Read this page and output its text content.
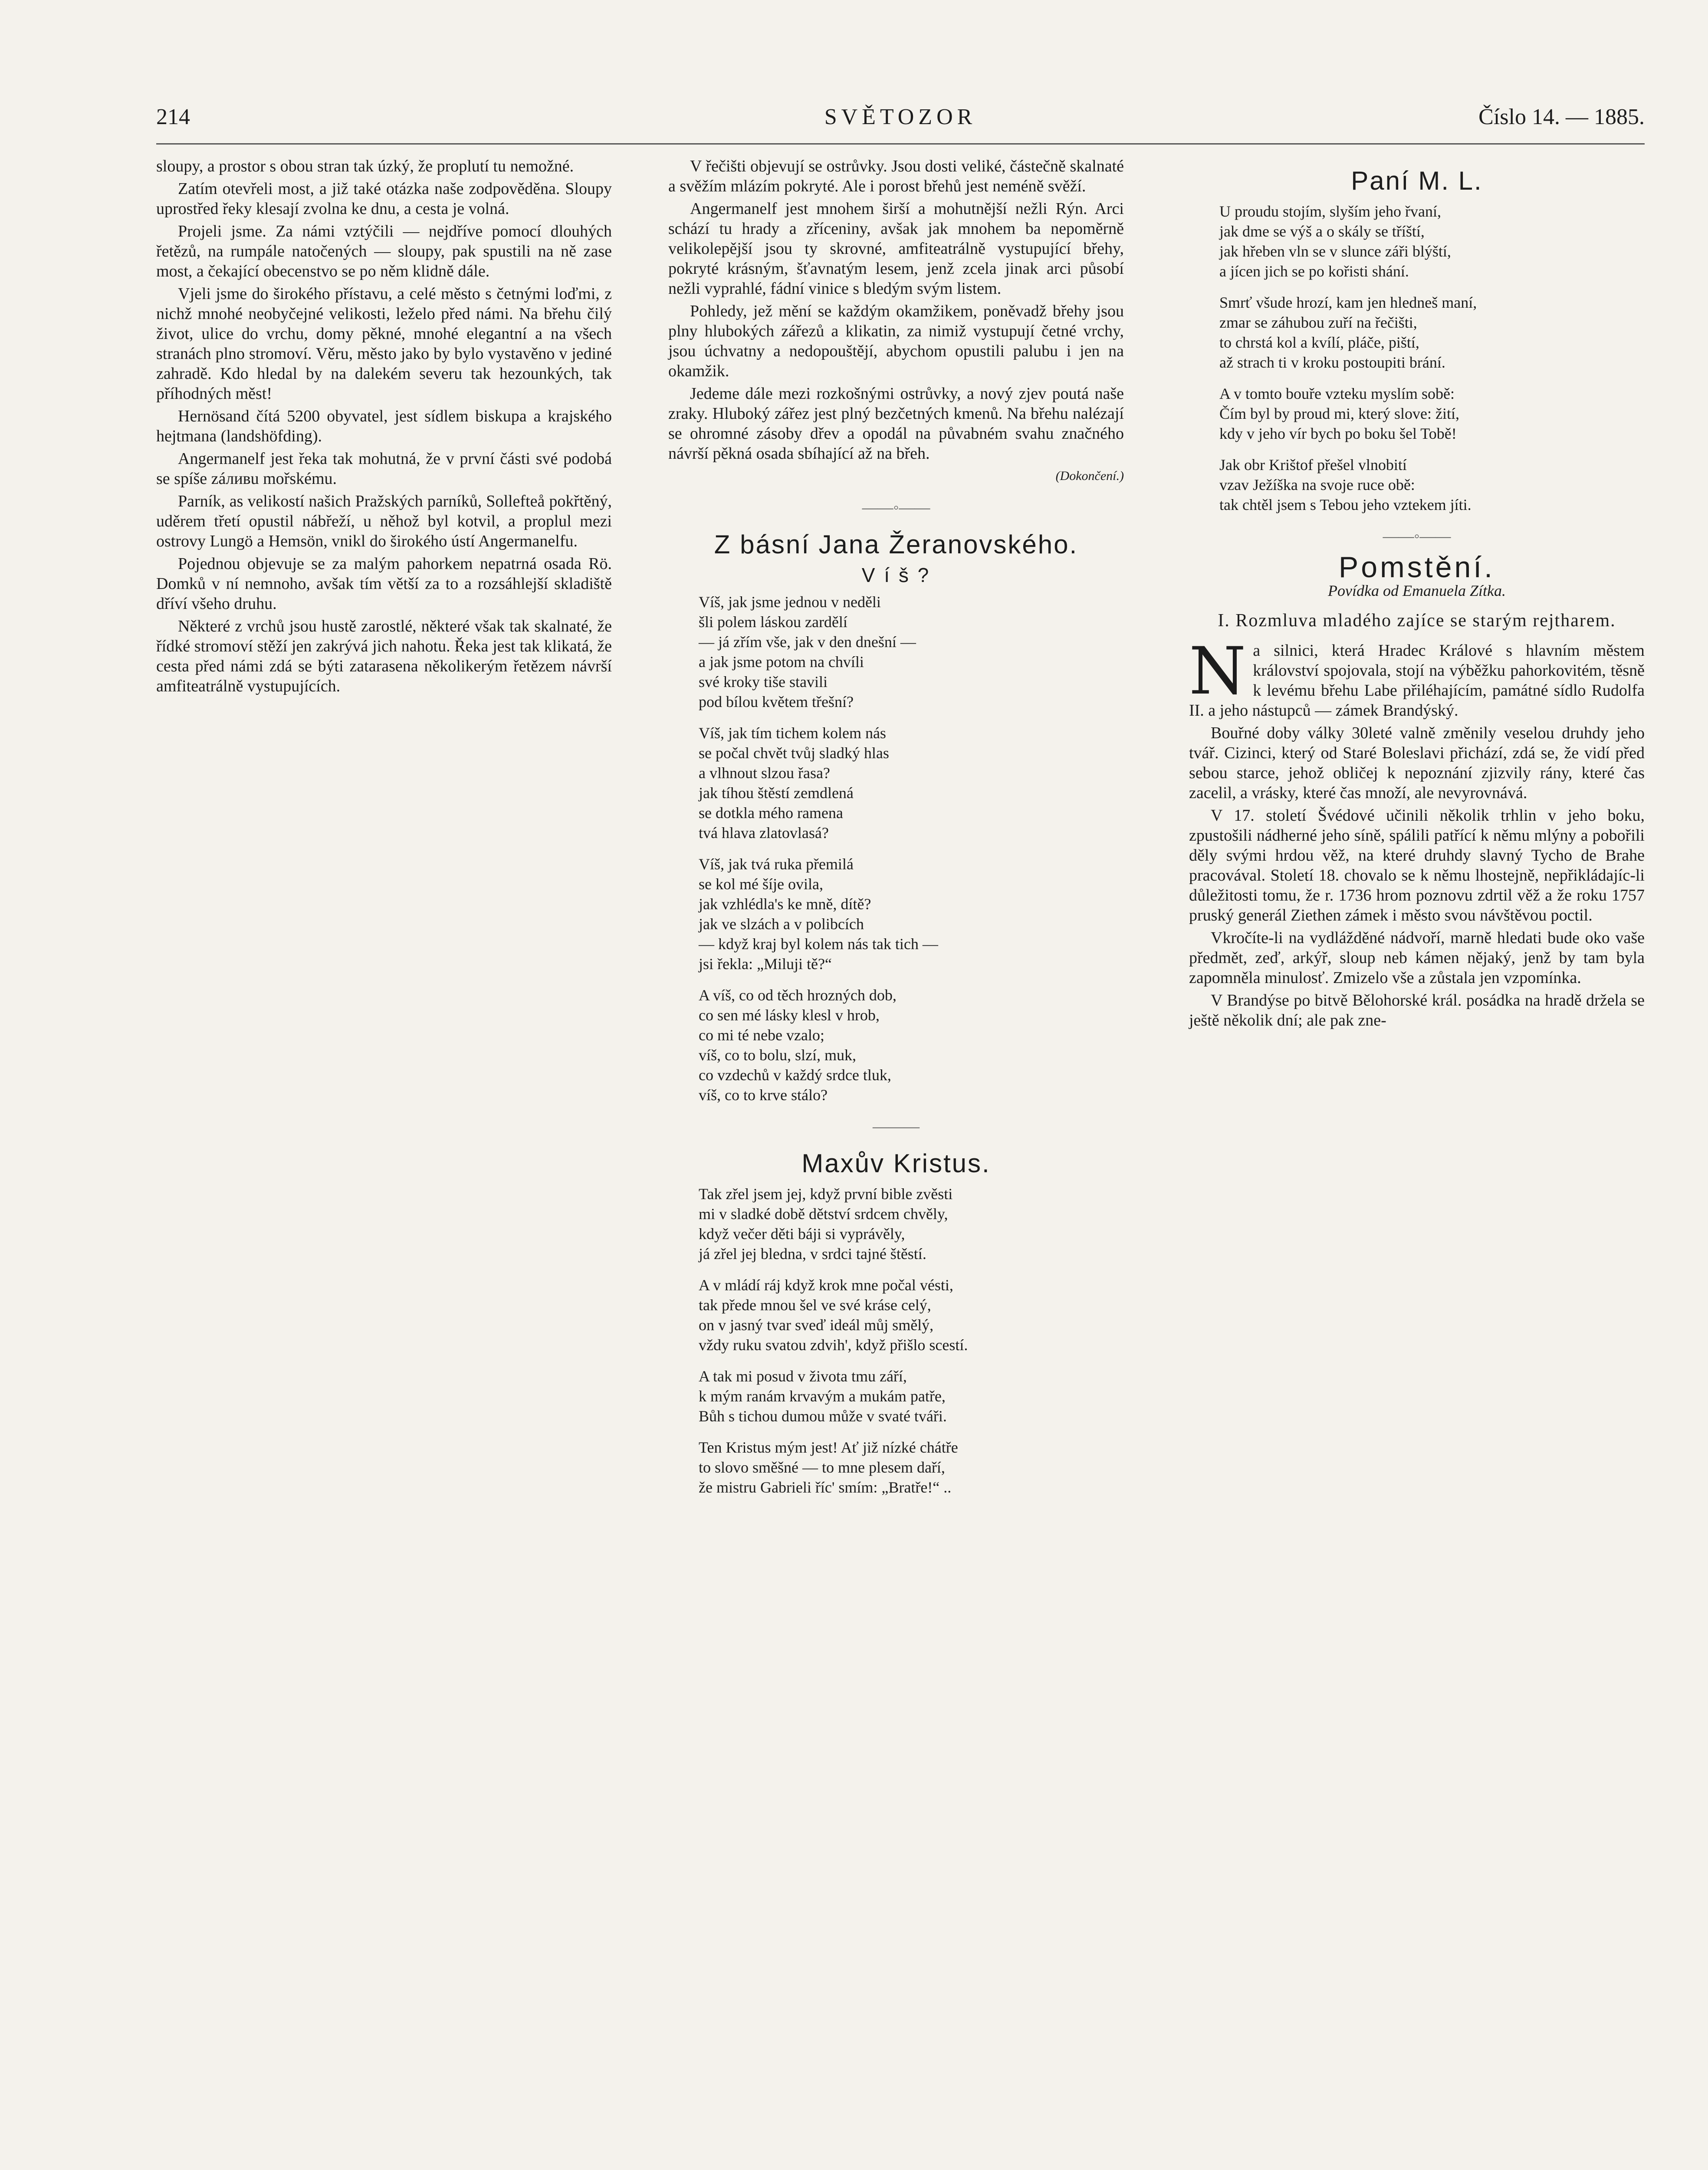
214	SVĚTOZOR	Číslo 14. — 1885.

sloupy, a prostor s obou stran tak úzký, že proplutí tu nemožné.

Zatím otevřeli most, a již také otázka naše zodpověděna. Sloupy uprostřed řeky klesají zvolna ke dnu, a cesta je volná.

Projeli jsme. Za námi vztýčili — nejdříve pomocí dlouhých řetězů, na rumpále natočených — sloupy, pak spustili na ně zase most, a čekající obecenstvo se po něm klidně dále.

Vjeli jsme do širokého přístavu, a celé město s četnými loďmi, z nichž mnohé neobyčejné velikosti, leželo před námi. Na břehu čilý život, ulice do vrchu, domy pěkné, mnohé elegantní a na všech stranách plno stromoví. Věru, město jako by bylo vystavěno v jediné zahradě. Kdo hledal by na dalekém severu tak hezounkých, tak příhodných měst!

Hernösand čítá 5200 obyvatel, jest sídlem biskupa a krajského hejtmana (landshöfding).

Angermanelf jest řeka tak mohutná, že v první části své podobá se spíše záливu mořskému.

Parník, as velikostí našich Pražských parníků, Sollefteå pokřtěný, uděrem třetí opustil nábřeží, u něhož byl kotvil, a proplul mezi ostrovy Lungö a Hemsön, vnikl do širokého ústí Angermanelfu.

Pojednou objevuje se za malým pahorkem nepatrná osada Rö. Domků v ní nemnoho, avšak tím větší za to a rozsáhlejší skladiště dříví všeho druhu.

Některé z vrchů jsou hustě zarostlé, některé však tak skalnaté, že řídké stromoví stěží jen zakrývá jich nahotu. Řeka jest tak klikatá, že cesta před námi zdá se býti zatarasena několikerým řetězem návrší amfiteatrálně vystupujících.

V řečišti objevují se ostrůvky. Jsou dosti veliké, částečně skalnaté a svěžím mlázím pokryté. Ale i porost břehů jest neméně svěží.

Angermanelf jest mnohem širší a mohutnější nežli Rýn. Arci schází tu hrady a zříceniny, avšak jak mnohem ba nepoměrně velikolepější jsou ty skrovné, amfiteatrálně vystupující břehy, pokryté krásným, šťavnatým lesem, jenž zcela jinak arci působí nežli vyprahlé, fádní vinice s bledým svým listem.

Pohledy, jež mění se každým okamžikem, poněvadž břehy jsou plny hlubokých zářezů a klikatin, za nimiž vystupují četné vrchy, jsou úchvatny a nedopouštějí, abychom opustili palubu i jen na okamžik.

Jedeme dále mezi rozkošnými ostrůvky, a nový zjev poutá naše zraky. Hluboký zářez jest plný bezčetných kmenů. Na břehu nalézají se ohromné zásoby dřev a opodál na půvabném svahu značného návrší pěkná osada sbíhající až na břeh.

(Dokončení.)
——◦——
Z básní Jana Žeranovského.
V í š ?
Víš, jak jsme jednou v neděli
šli polem láskou zardělí
— já zřím vše, jak v den dnešní —
a jak jsme potom na chvíli
své kroky tiše stavili
pod bílou květem třešní?
Víš, jak tím tichem kolem nás
se počal chvět tvůj sladký hlas
a vlhnout slzou řasa?
jak tíhou štěstí zemdlená
se dotkla mého ramena
tvá hlava zlatovlasá?
Víš, jak tvá ruka přemilá
se kol mé šíje ovila,
jak vzhlédla's ke mně, dítě?
jak ve slzách a v polibcích
— když kraj byl kolem nás tak tich —
jsi řekla: „Miluji tě?“
A víš, co od těch hrozných dob,
co sen mé lásky klesl v hrob,
co mi té nebe vzalo;
víš, co to bolu, slzí, muk,
co vzdechů v každý srdce tluk,
víš, co to krve stálo?
———
Maxův Kristus.
Tak zřel jsem jej, když první bible zvěsti
mi v sladké době dětství srdcem chvěly,
když večer děti báji si vyprávěly,
já zřel jej bledna, v srdci tajné štěstí.
A v mládí ráj když krok mne počal vésti,
tak přede mnou šel ve své kráse celý,
on v jasný tvar sveď ideál můj smělý,
vždy ruku svatou zdvih', když přišlo scestí.
A tak mi posud v života tmu září,
k mým ranám krvavým a mukám patře,
Bůh s tichou dumou může v svaté tváři.
Ten Kristus mým jest! Ať již nízké chátře
to slovo směšné — to mne plesem daří,
že mistru Gabrieli říc' smím: „Bratře!“ ..
Paní M. L.
U proudu stojím, slyším jeho řvaní,
jak dme se výš a o skály se tříští,
jak hřeben vln se v slunce záři blýští,
a jícen jich se po kořisti shání.
Smrť všude hrozí, kam jen hledneš maní,
zmar se záhubou zuří na řečišti,
to chrstá kol a kvílí, pláče, piští,
až strach ti v kroku postoupiti brání.
A v tomto bouře vzteku myslím sobě:
Čím byl by proud mi, který slove: žití,
kdy v jeho vír bych po boku šel Tobě!
Jak obr Krištof přešel vlnobití
vzav Ježíška na svoje ruce obě:
tak chtěl jsem s Tebou jeho vztekem jíti.
——◦——
Pomstění.
Povídka od Emanuela Zítka.
I. Rozmluva mladého zajíce se starým rejtharem.

Na silnici, která Hradec Králové s hlavním městem království spojovala, stojí na výběžku pahorkovitém, těsně k levému břehu Labe přiléhajícím, památné sídlo Rudolfa II. a jeho nástupců — zámek Brandýský.

Bouřné doby války 30leté valně změnily veselou druhdy jeho tvář. Cizinci, který od Staré Boleslavi přichází, zdá se, že vidí před sebou starce, jehož obličej k nepoznání zjizvily rány, které čas zacelil, a vrásky, které čas množí, ale nevyrovnává.

V 17. století Švédové učinili několik trhlin v jeho boku, zpustošili nádherné jeho síně, spálili patřící k němu mlýny a pobořili děly svými hrdou věž, na které druhdy slavný Tycho de Brahe pracovával. Století 18. chovalo se k němu lhostejně, nepřikládajíc-li důležitosti tomu, že r. 1736 hrom poznovu zdrtil věž a že roku 1757 pruský generál Ziethen zámek i město svou návštěvou poctil.

Vkročíte-li na vydlážděné nádvoří, marně hledati bude oko vaše předmět, zeď, arkýř, sloup neb kámen nějaký, jenž by tam byla zapomněla minulosť. Zmizelo vše a zůstala jen vzpomínka.

V Brandýse po bitvě Bělohorské král. posádka na hradě držela se ještě několik dní; ale pak zne-
